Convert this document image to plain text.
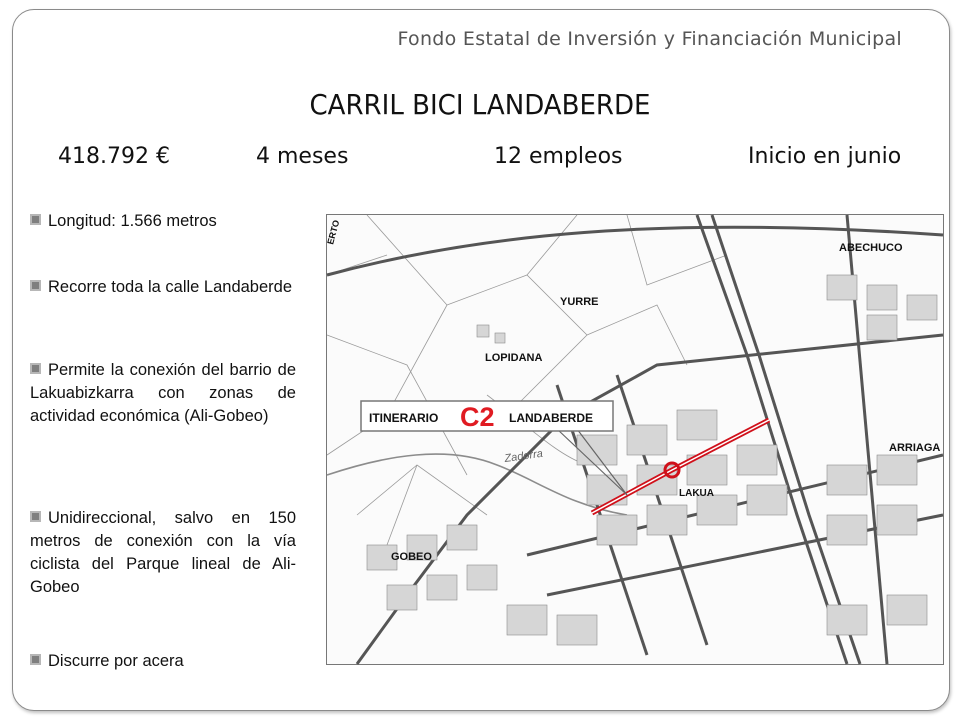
Fondo Estatal de Inversión y Financiación Municipal
CARRIL BICI LANDABERDE
418.792 €	4 meses	12 empleos	Inicio en junio
Longitud: 1.566 metros
Recorre toda la calle Landaberde
Permite la conexión del barrio de Lakuabizkarra con zonas de actividad económica (Ali-Gobeo)
Unidireccional, salvo en 150 metros de conexión con la vía ciclista del Parque lineal de Ali-Gobeo
Discurre por acera
ITINERARIO C2 LANDABERDE
ABECHUCO
YURRE
LOPIDANA
ARRIAGA
LAKUA
GOBEO
Zadorra
ERTO
